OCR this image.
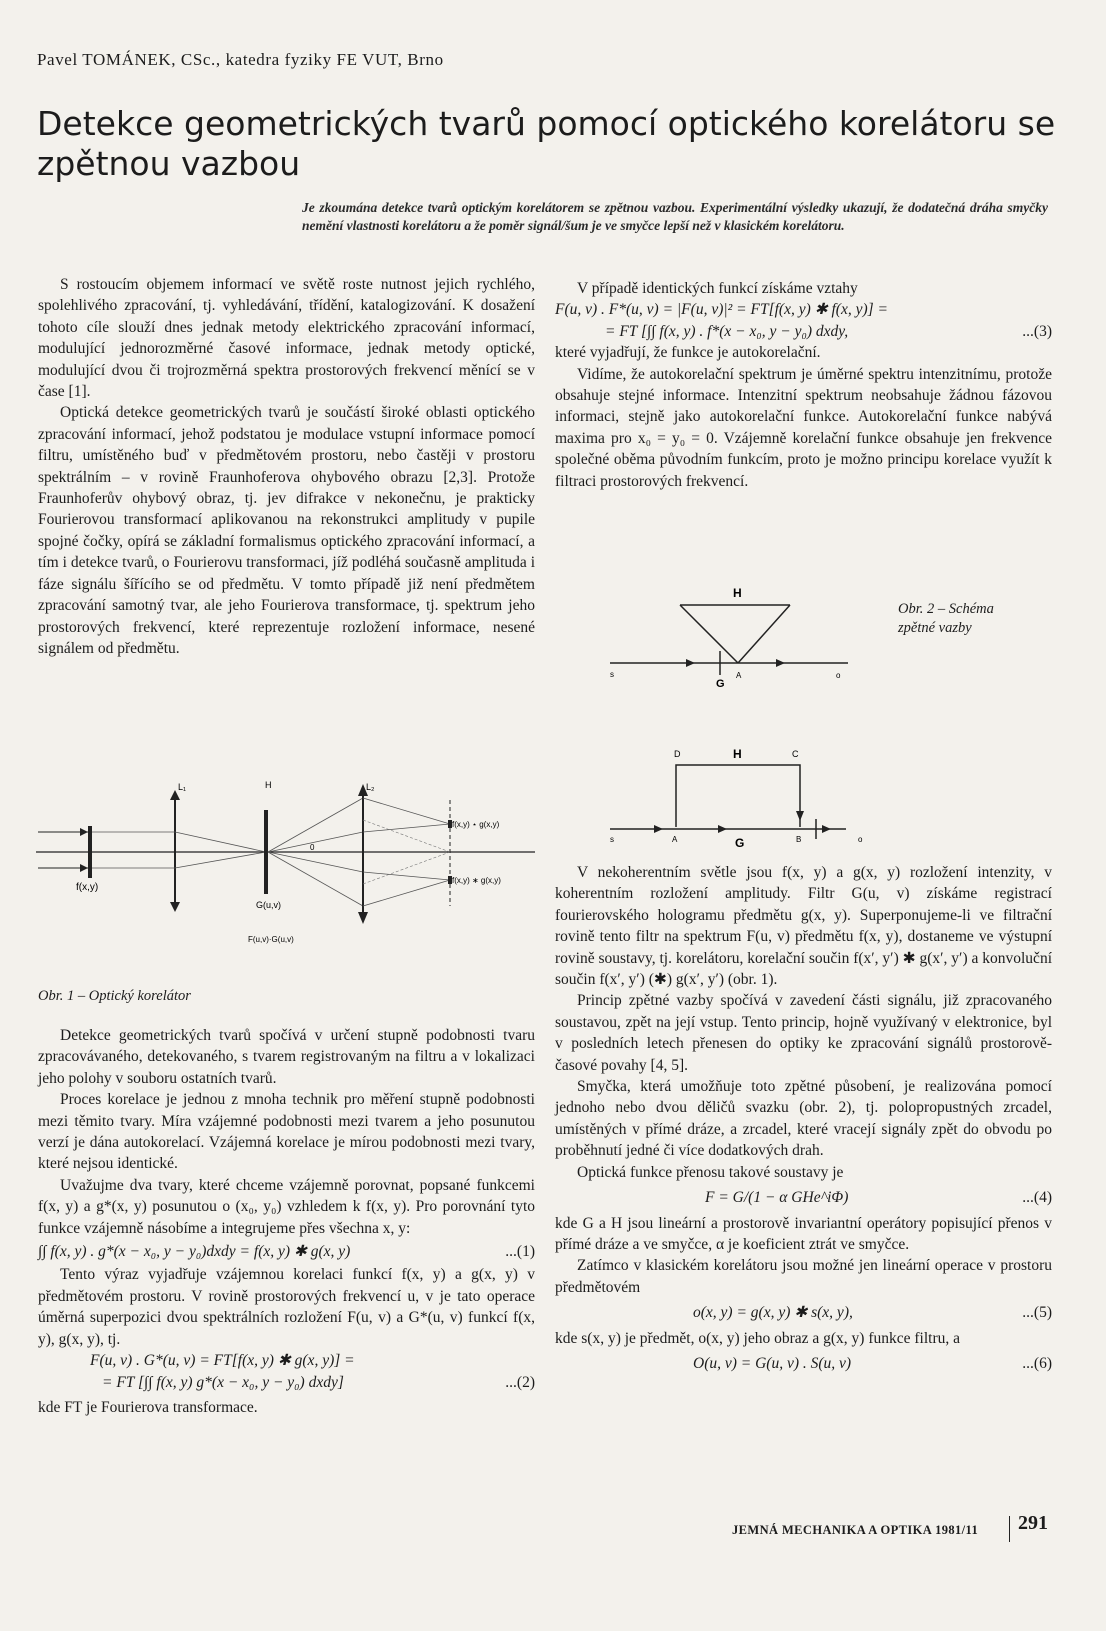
Pavel TOMÁNEK, CSc., katedra fyziky FE VUT, Brno
Detekce geometrických tvarů pomocí optického korelátoru se zpětnou vazbou

Je zkoumána detekce tvarů optickým korelátorem se zpětnou vazbou. Experimentální výsledky ukazují, že dodatečná dráha smyčky nemění vlastnosti korelátoru a že poměr signál/šum je ve smyčce lepší než v klasickém korelátoru.

S rostoucím objemem informací ve světě roste nutnost jejich rychlého, spolehlivého zpracování, tj. vyhledávání, třídění, katalogizování. K dosažení tohoto cíle slouží dnes jednak metody elektrického zpracování informací, modulující jednorozměrné časové informace, jednak metody optické, modulující dvou či trojrozměrná spektra prostorových frekvencí měnící se v čase [1].

Optická detekce geometrických tvarů je součástí široké oblasti optického zpracování informací, jehož podstatou je modulace vstupní informace pomocí filtru, umístěného buď v předmětovém prostoru, nebo častěji v prostoru spektrálním – v rovině Fraunhoferova ohybového obrazu [2,3]. Protože Fraunhoferův ohybový obraz, tj. jev difrakce v nekonečnu, je prakticky Fourierovou transformací aplikovanou na rekonstrukci amplitudy v pupile spojné čočky, opírá se základní formalismus optického zpracování informací, a tím i detekce tvarů, o Fourierovu transformaci, jíž podléhá současně amplituda i fáze signálu šířícího se od předmětu. V tomto případě již není předmětem zpracování samotný tvar, ale jeho Fourierova transformace, tj. spektrum jeho prostorových frekvencí, které reprezentuje rozložení informace, nesené signálem od předmětu.

f(x,y)
L₁	H
G(u,v)
F(u,v)·G(u,v)
L₂
0
f(x,y) ⋆ g(x,y)
f(x,y) ∗ g(x,y)
Obr. 1 – Optický korelátor

Detekce geometrických tvarů spočívá v určení stupně podobnosti tvaru zpracovávaného, detekovaného, s tvarem registrovaným na filtru a v lokalizaci jeho polohy v souboru ostatních tvarů.

Proces korelace je jednou z mnoha technik pro měření stupně podobnosti mezi těmito tvary. Míra vzájemné podobnosti mezi tvarem a jeho posunutou verzí je dána autokorelací. Vzájemná korelace je mírou podobnosti mezi tvary, které nejsou identické.

Uvažujme dva tvary, které chceme vzájemně porovnat, popsané funkcemi f(x, y) a g*(x, y) posunutou o (x₀, y₀) vzhledem k f(x, y). Pro porovnání tyto funkce vzájemně násobíme a integrujeme přes všechna x, y:

∫∫ f(x, y) . g*(x − x₀, y − y₀)dxdy = f(x, y) ✱ g(x, y)	...(1)

Tento výraz vyjadřuje vzájemnou korelaci funkcí f(x, y) a g(x, y) v předmětovém prostoru. V rovině prostorových frekvencí u, v je tato operace úměrná superpozici dvou spektrálních rozložení F(u, v) a G*(u, v) funkcí f(x, y), g(x, y), tj.

F(u, v) . G*(u, v) = FT[f(x, y) ✱ g(x, y)] =
= FT [∫∫ f(x, y) g*(x − x₀, y − y₀) dxdy]	...(2)

kde FT je Fourierova transformace.

V případě identických funkcí získáme vztahy

F(u, v) . F*(u, v) = |F(u, v)|² = FT[f(x, y) ✱ f(x, y)] =
= FT [∫∫ f(x, y) . f*(x − x₀, y − y₀) dxdy,	...(3)

které vyjadřují, že funkce je autokorelační.

Vidíme, že autokorelační spektrum je úměrné spektru intenzitnímu, protože obsahuje stejné informace. Intenzitní spektrum neobsahuje žádnou fázovou informaci, stejně jako autokorelační funkce. Autokorelační funkce nabývá maxima pro x₀ = y₀ = 0. Vzájemně korelační funkce obsahuje jen frekvence společné oběma původním funkcím, proto je možno principu korelace využít k filtraci prostorových frekvencí.

H
s
G
A	o
D	H	C
s	A	G	B	o
Obr. 2 – Schéma
zpětné vazby

V nekoherentním světle jsou f(x, y) a g(x, y) rozložení intenzity, v koherentním rozložení amplitudy. Filtr G(u, v) získáme registrací fourierovského hologramu předmětu g(x, y). Superponujeme-li ve filtrační rovině tento filtr na spektrum F(u, v) předmětu f(x, y), dostaneme ve výstupní rovině soustavy, tj. korelátoru, korelační součin f(x′, y′) ✱ g(x′, y′) a konvoluční součin f(x′, y′) (✱) g(x′, y′) (obr. 1).

Princip zpětné vazby spočívá v zavedení části signálu, již zpracovaného soustavou, zpět na její vstup. Tento princip, hojně využívaný v elektronice, byl v posledních letech přenesen do optiky ke zpracování signálů prostorově-časové povahy [4, 5].

Smyčka, která umožňuje toto zpětné působení, je realizována pomocí jednoho nebo dvou děličů svazku (obr. 2), tj. polopropustných zrcadel, umístěných v přímé dráze, a zrcadel, které vracejí signály zpět do obvodu po proběhnutí jedné či více dodatkových drah.

Optická funkce přenosu takové soustavy je

F = G/(1 − α GHe^iΦ)	...(4)

kde G a H jsou lineární a prostorově invariantní operátory popisující přenos v přímé dráze a ve smyčce, α je koeficient ztrát ve smyčce.

Zatímco v klasickém korelátoru jsou možné jen lineární operace v prostoru předmětovém

o(x, y) = g(x, y) ✱ s(x, y),	...(5)

kde s(x, y) je předmět, o(x, y) jeho obraz a g(x, y) funkce filtru, a

O(u, v) = G(u, v) . S(u, v)	...(6)
JEMNÁ MECHANIKA A OPTIKA 1981/11 291
